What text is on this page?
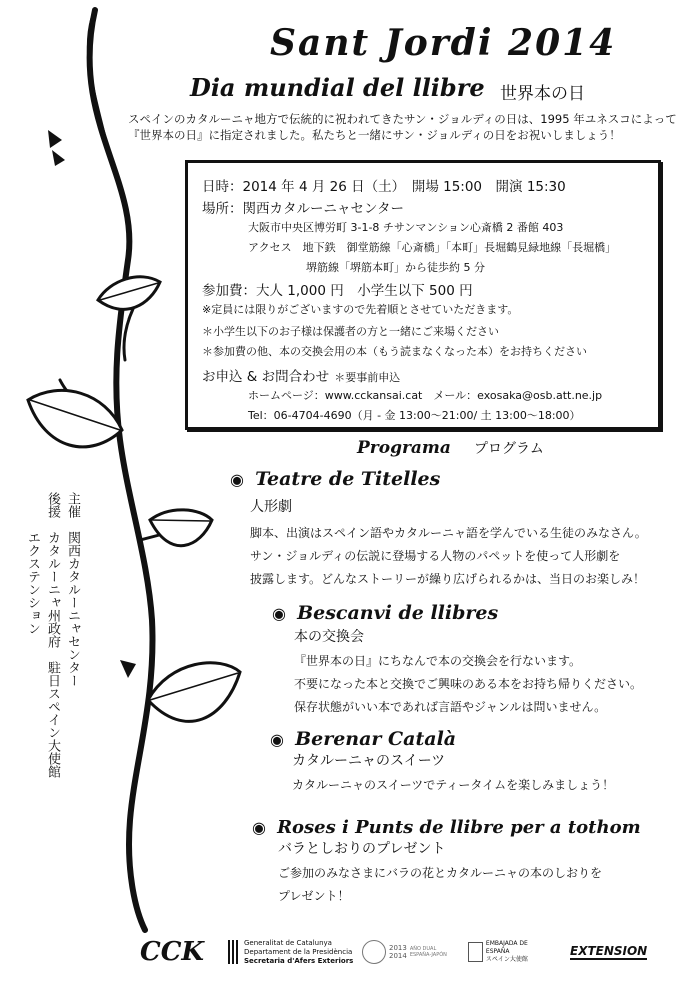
Sant Jordi 2014
Dia mundial del llibre 世界本の日
スペインのカタルーニャ地方で伝統的に祝われてきたサン・ジョルディの日は、1995 年ユネスコによって
『世界本の日』に指定されました。私たちと一緒にサン・ジョルディの日をお祝いしましょう！
日時：2014 年 4 月 26 日（土）　開場 15:00　開演 15:30
場所：関西カタルーニャセンター
大阪市中央区博労町 3-1-8 チサンマンション心斎橋 2 番館 403
アクセス　地下鉄　御堂筋線「心斎橋」「本町」長堀鶴見緑地線「長堀橋」
堺筋線「堺筋本町」から徒歩約 5 分
参加費：大人 1,000 円　小学生以下 500 円
※定員には限りがございますので先着順とさせていただきます。
＊小学生以下のお子様は保護者の方と一緒にご来場ください
＊参加費の他、本の交換会用の本（もう読まなくなった本）をお持ちください
お申込 & お問合わせ ＊要事前申込
ホームページ：www.cckansai.cat　メール：exosaka@osb.att.ne.jp
Tel：06-4704-4690（月 - 金 13:00～21:00/ 土 13:00～18:00）
Programa プログラム
◉ Teatre de Titelles
人形劇
脚本、出演はスペイン語やカタルーニャ語を学んでいる生徒のみなさん。
サン・ジョルディの伝説に登場する人物のパペットを使って人形劇を
披露します。どんなストーリーが繰り広げられるかは、当日のお楽しみ！
◉ Bescanvi de llibres
本の交換会
『世界本の日』にちなんで本の交換会を行ないます。
不要になった本と交換でご興味のある本をお持ち帰りください。
保存状態がいい本であれば言語やジャンルは問いません。
◉ Berenar Català
カタルーニャのスイーツ
カタルーニャのスイーツでティータイムを楽しみましょう！
◉ Roses i Punts de llibre per a tothom
バラとしおりのプレゼント
ご参加のみなさまにバラの花とカタルーニャの本のしおりを
プレゼント！
主催　関西カタルーニャセンター
後援　カタルーニャ州政府　駐日スペイン大使館
　　　エクステンション
CCK	Generalitat de Catalunya
Departament de la Presidència
Secretaria d'Afers Exteriors
2013
2014
AÑO DUAL ESPAÑA-JAPÓN
EMBAJADA DE ESPAÑA
スペイン大使館
EXTENSION
